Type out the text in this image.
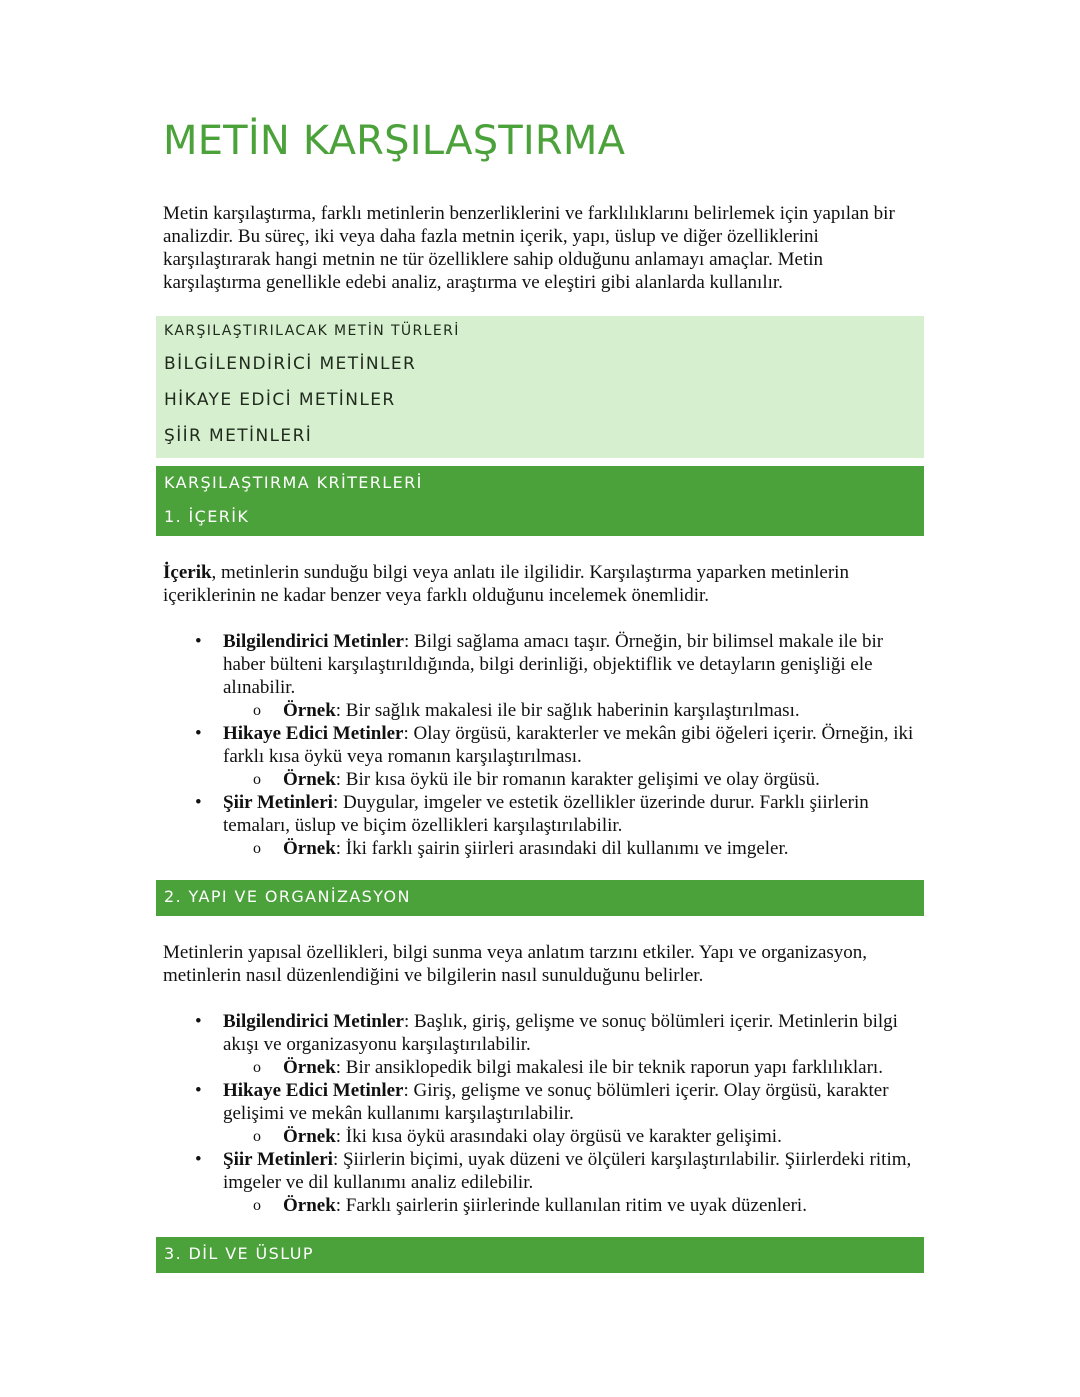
METİN KARŞILAŞTIRMA

Metin karşılaştırma, farklı metinlerin benzerliklerini ve farklılıklarını belirlemek için yapılan bir analizdir. Bu süreç, iki veya daha fazla metnin içerik, yapı, üslup ve diğer özelliklerini karşılaştırarak hangi metnin ne tür özelliklere sahip olduğunu anlamayı amaçlar. Metin karşılaştırma genellikle edebi analiz, araştırma ve eleştiri gibi alanlarda kullanılır.

KARŞILAŞTIRILACAK METİN TÜRLERİ
BİLGİLENDİRİCİ METİNLER
HİKAYE EDİCİ METİNLER
ŞİİR METİNLERİ
KARŞILAŞTIRMA KRİTERLERİ
1. İÇERİK

İçerik, metinlerin sunduğu bilgi veya anlatı ile ilgilidir. Karşılaştırma yaparken metinlerin içeriklerinin ne kadar benzer veya farklı olduğunu incelemek önemlidir.

• Bilgilendirici Metinler: Bilgi sağlama amacı taşır. Örneğin, bir bilimsel makale ile bir haber bülteni karşılaştırıldığında, bilgi derinliği, objektiflik ve detayların genişliği ele alınabilir.
o Örnek: Bir sağlık makalesi ile bir sağlık haberinin karşılaştırılması.
• Hikaye Edici Metinler: Olay örgüsü, karakterler ve mekân gibi öğeleri içerir. Örneğin, iki farklı kısa öykü veya romanın karşılaştırılması.
o Örnek: Bir kısa öykü ile bir romanın karakter gelişimi ve olay örgüsü.
• Şiir Metinleri: Duygular, imgeler ve estetik özellikler üzerinde durur. Farklı şiirlerin temaları, üslup ve biçim özellikleri karşılaştırılabilir.
o Örnek: İki farklı şairin şiirleri arasındaki dil kullanımı ve imgeler.
2. YAPI VE ORGANİZASYON

Metinlerin yapısal özellikleri, bilgi sunma veya anlatım tarzını etkiler. Yapı ve organizasyon, metinlerin nasıl düzenlendiğini ve bilgilerin nasıl sunulduğunu belirler.

• Bilgilendirici Metinler: Başlık, giriş, gelişme ve sonuç bölümleri içerir. Metinlerin bilgi akışı ve organizasyonu karşılaştırılabilir.
o Örnek: Bir ansiklopedik bilgi makalesi ile bir teknik raporun yapı farklılıkları.
• Hikaye Edici Metinler: Giriş, gelişme ve sonuç bölümleri içerir. Olay örgüsü, karakter gelişimi ve mekân kullanımı karşılaştırılabilir.
o Örnek: İki kısa öykü arasındaki olay örgüsü ve karakter gelişimi.
• Şiir Metinleri: Şiirlerin biçimi, uyak düzeni ve ölçüleri karşılaştırılabilir. Şiirlerdeki ritim, imgeler ve dil kullanımı analiz edilebilir.
o Örnek: Farklı şairlerin şiirlerinde kullanılan ritim ve uyak düzenleri.
3. DİL VE ÜSLUP
